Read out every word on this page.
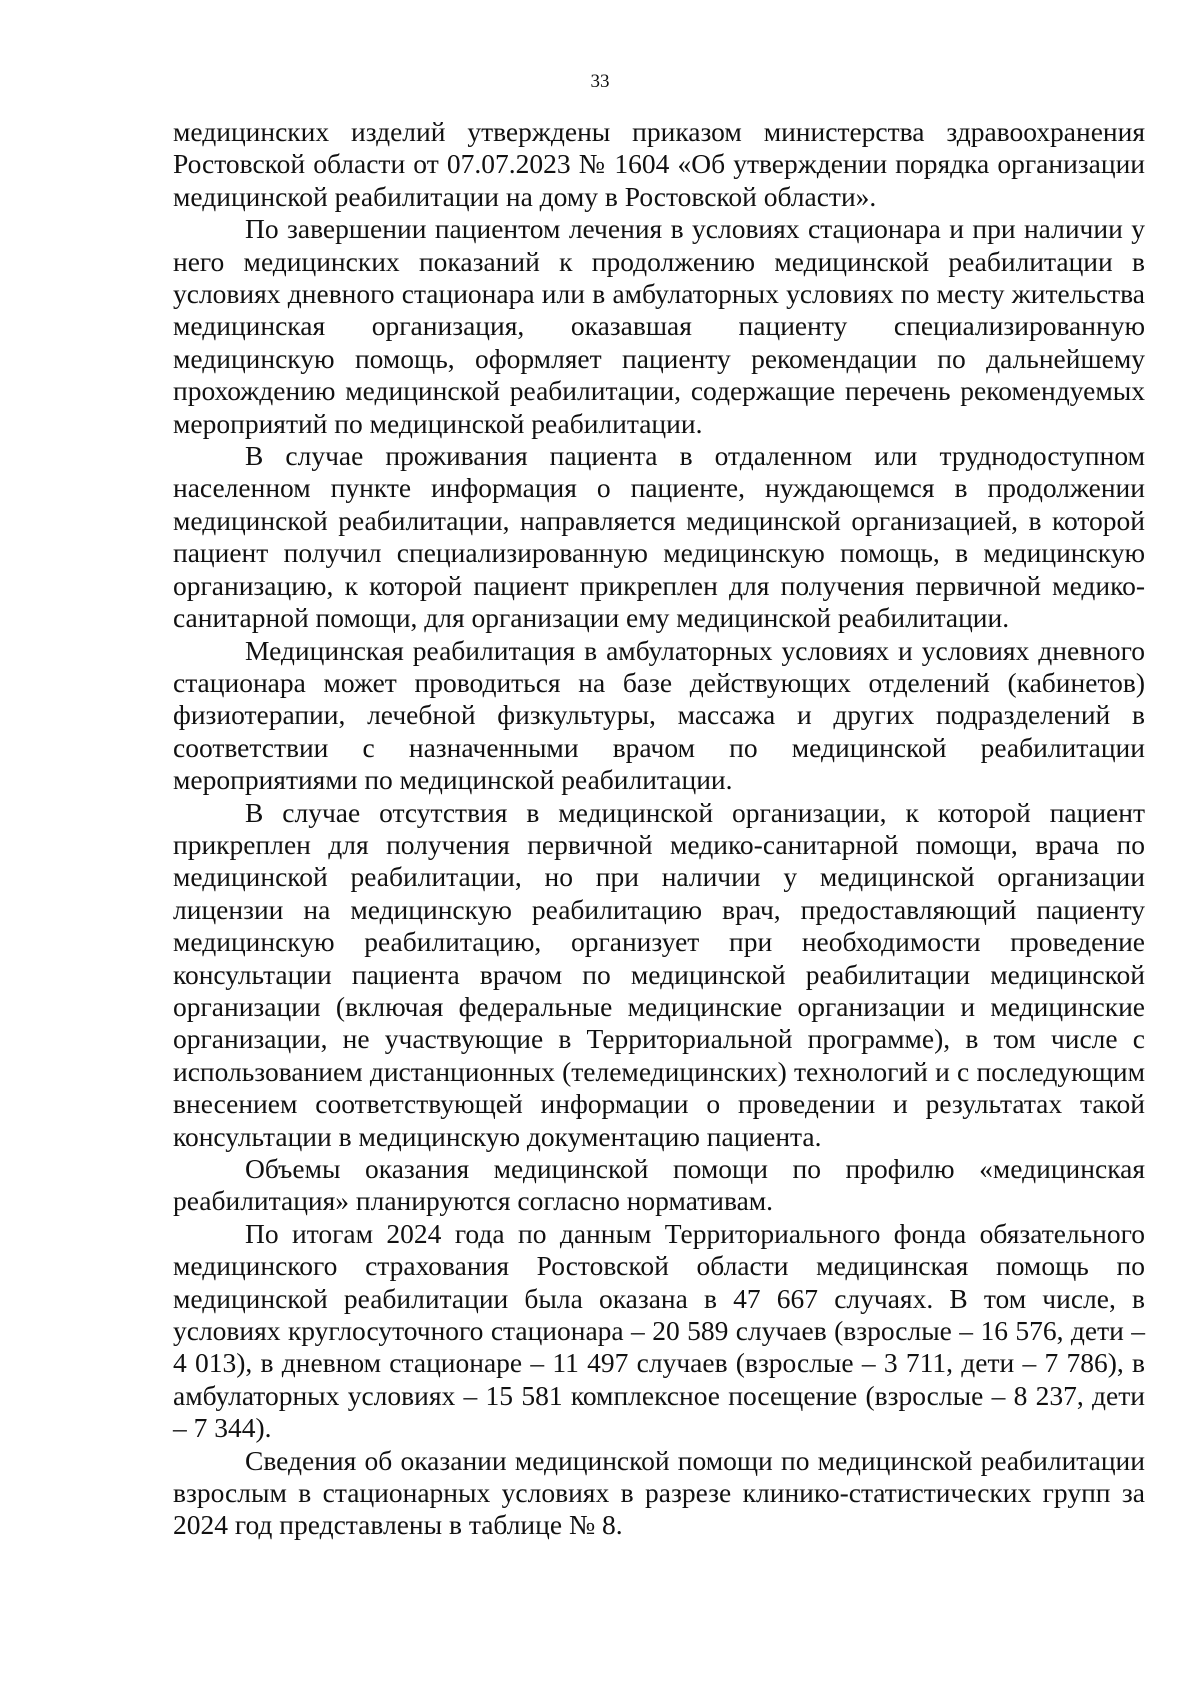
33

медицинских изделий утверждены приказом министерства здравоохранения Ростовской области от 07.07.2023 № 1604 «Об утверждении порядка организации медицинской реабилитации на дому в Ростовской области».

По завершении пациентом лечения в условиях стационара и при наличии у него медицинских показаний к продолжению медицинской реабилитации в условиях дневного стационара или в амбулаторных условиях по месту жительства медицинская организация, оказавшая пациенту специализированную медицинскую помощь, оформляет пациенту рекомендации по дальнейшему прохождению медицинской реабилитации, содержащие перечень рекомендуемых мероприятий по медицинской реабилитации.

В случае проживания пациента в отдаленном или труднодоступном населенном пункте информация о пациенте, нуждающемся в продолжении медицинской реабилитации, направляется медицинской организацией, в которой пациент получил специализированную медицинскую помощь, в медицинскую организацию, к которой пациент прикреплен для получения первичной медико-санитарной помощи, для организации ему медицинской реабилитации.

Медицинская реабилитация в амбулаторных условиях и условиях дневного стационара может проводиться на базе действующих отделений (кабинетов) физиотерапии, лечебной физкультуры, массажа и других подразделений в соответствии с назначенными врачом по медицинской реабилитации мероприятиями по медицинской реабилитации.

В случае отсутствия в медицинской организации, к которой пациент прикреплен для получения первичной медико-санитарной помощи, врача по медицинской реабилитации, но при наличии у медицинской организации лицензии на медицинскую реабилитацию врач, предоставляющий пациенту медицинскую реабилитацию, организует при необходимости проведение консультации пациента врачом по медицинской реабилитации медицинской организации (включая федеральные медицинские организации и медицинские организации, не участвующие в Территориальной программе), в том числе с использованием дистанционных (телемедицинских) технологий и с последующим внесением соответствующей информации о проведении и результатах такой консультации в медицинскую документацию пациента.

Объемы оказания медицинской помощи по профилю «медицинская реабилитация» планируются согласно нормативам.

По итогам 2024 года по данным Территориального фонда обязательного медицинского страхования Ростовской области медицинская помощь по медицинской реабилитации была оказана в 47 667 случаях. В том числе, в условиях круглосуточного стационара – 20 589 случаев (взрослые – 16 576, дети – 4 013), в дневном стационаре – 11 497 случаев (взрослые – 3 711, дети – 7 786), в амбулаторных условиях – 15 581 комплексное посещение (взрослые – 8 237, дети – 7 344).

Сведения об оказании медицинской помощи по медицинской реабилитации взрослым в стационарных условиях в разрезе клинико-статистических групп за 2024 год представлены в таблице № 8.
